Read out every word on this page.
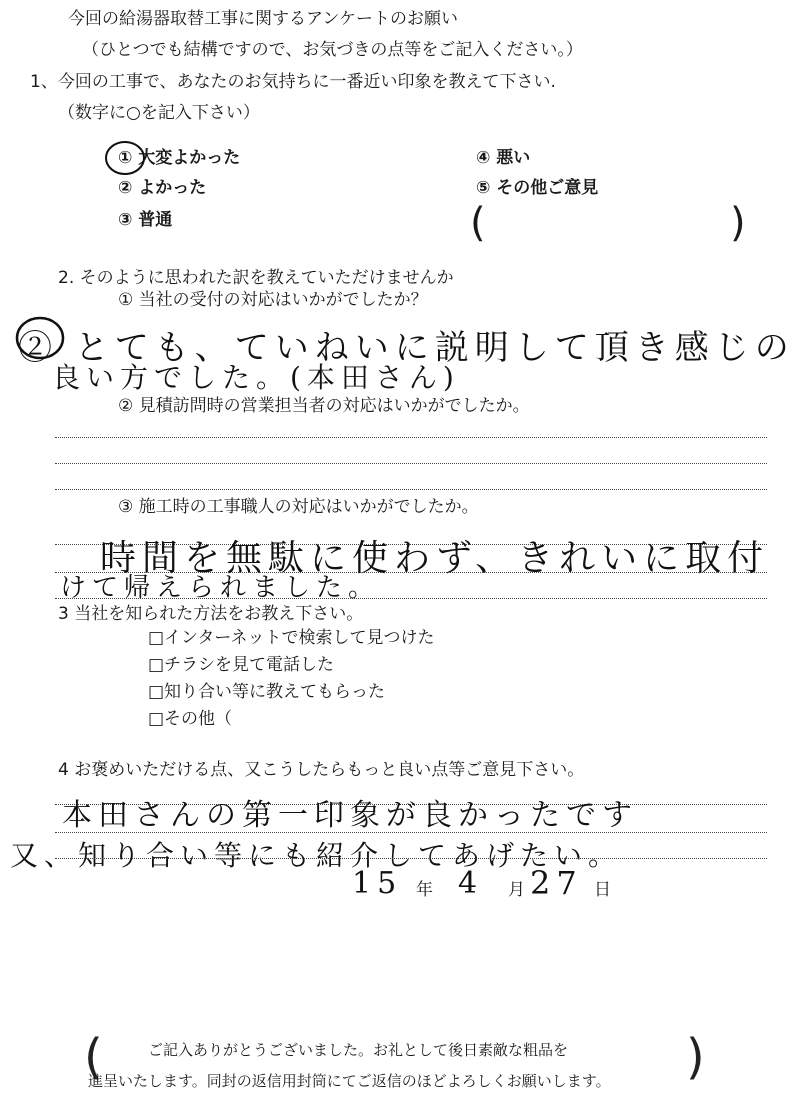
今回の給湯器取替工事に関するアンケートのお願い
（ひとつでも結構ですので、お気づきの点等をご記入ください。）
1、今回の工事で、あなたのお気持ちに一番近い印象を教えて下さい.
（数字に○を記入下さい）
① 大変よかった
② よかった
③ 普通
④ 悪い
⑤ その他ご意見
(	)
2. そのように思われた訳を教えていただけませんか
① 当社の受付の対応はいかがでしたか？
② とても、ていねいに説明して頂き感じの
良い方でした。(本田さん)
② 見積訪問時の営業担当者の対応はいかがでしたか。
③ 施工時の工事職人の対応はいかがでしたか。
時間を無駄に使わず、きれいに取付
けて帰えられました。
3 当社を知られた方法をお教え下さい。
□インターネットで検索して見つけた
□チラシを見て電話した
□知り合い等に教えてもらった
□その他（
4 お褒めいただける点、又こうしたらもっと良い点等ご意見下さい。
本田さんの第一印象が良かったです
又、知り合い等にも紹介してあげたい。
15 年 4 月 27 日
(	ご記入ありがとうございました。お礼として後日素敵な粗品を
進呈いたします。同封の返信用封筒にてご返信のほどよろしくお願いします。 )
